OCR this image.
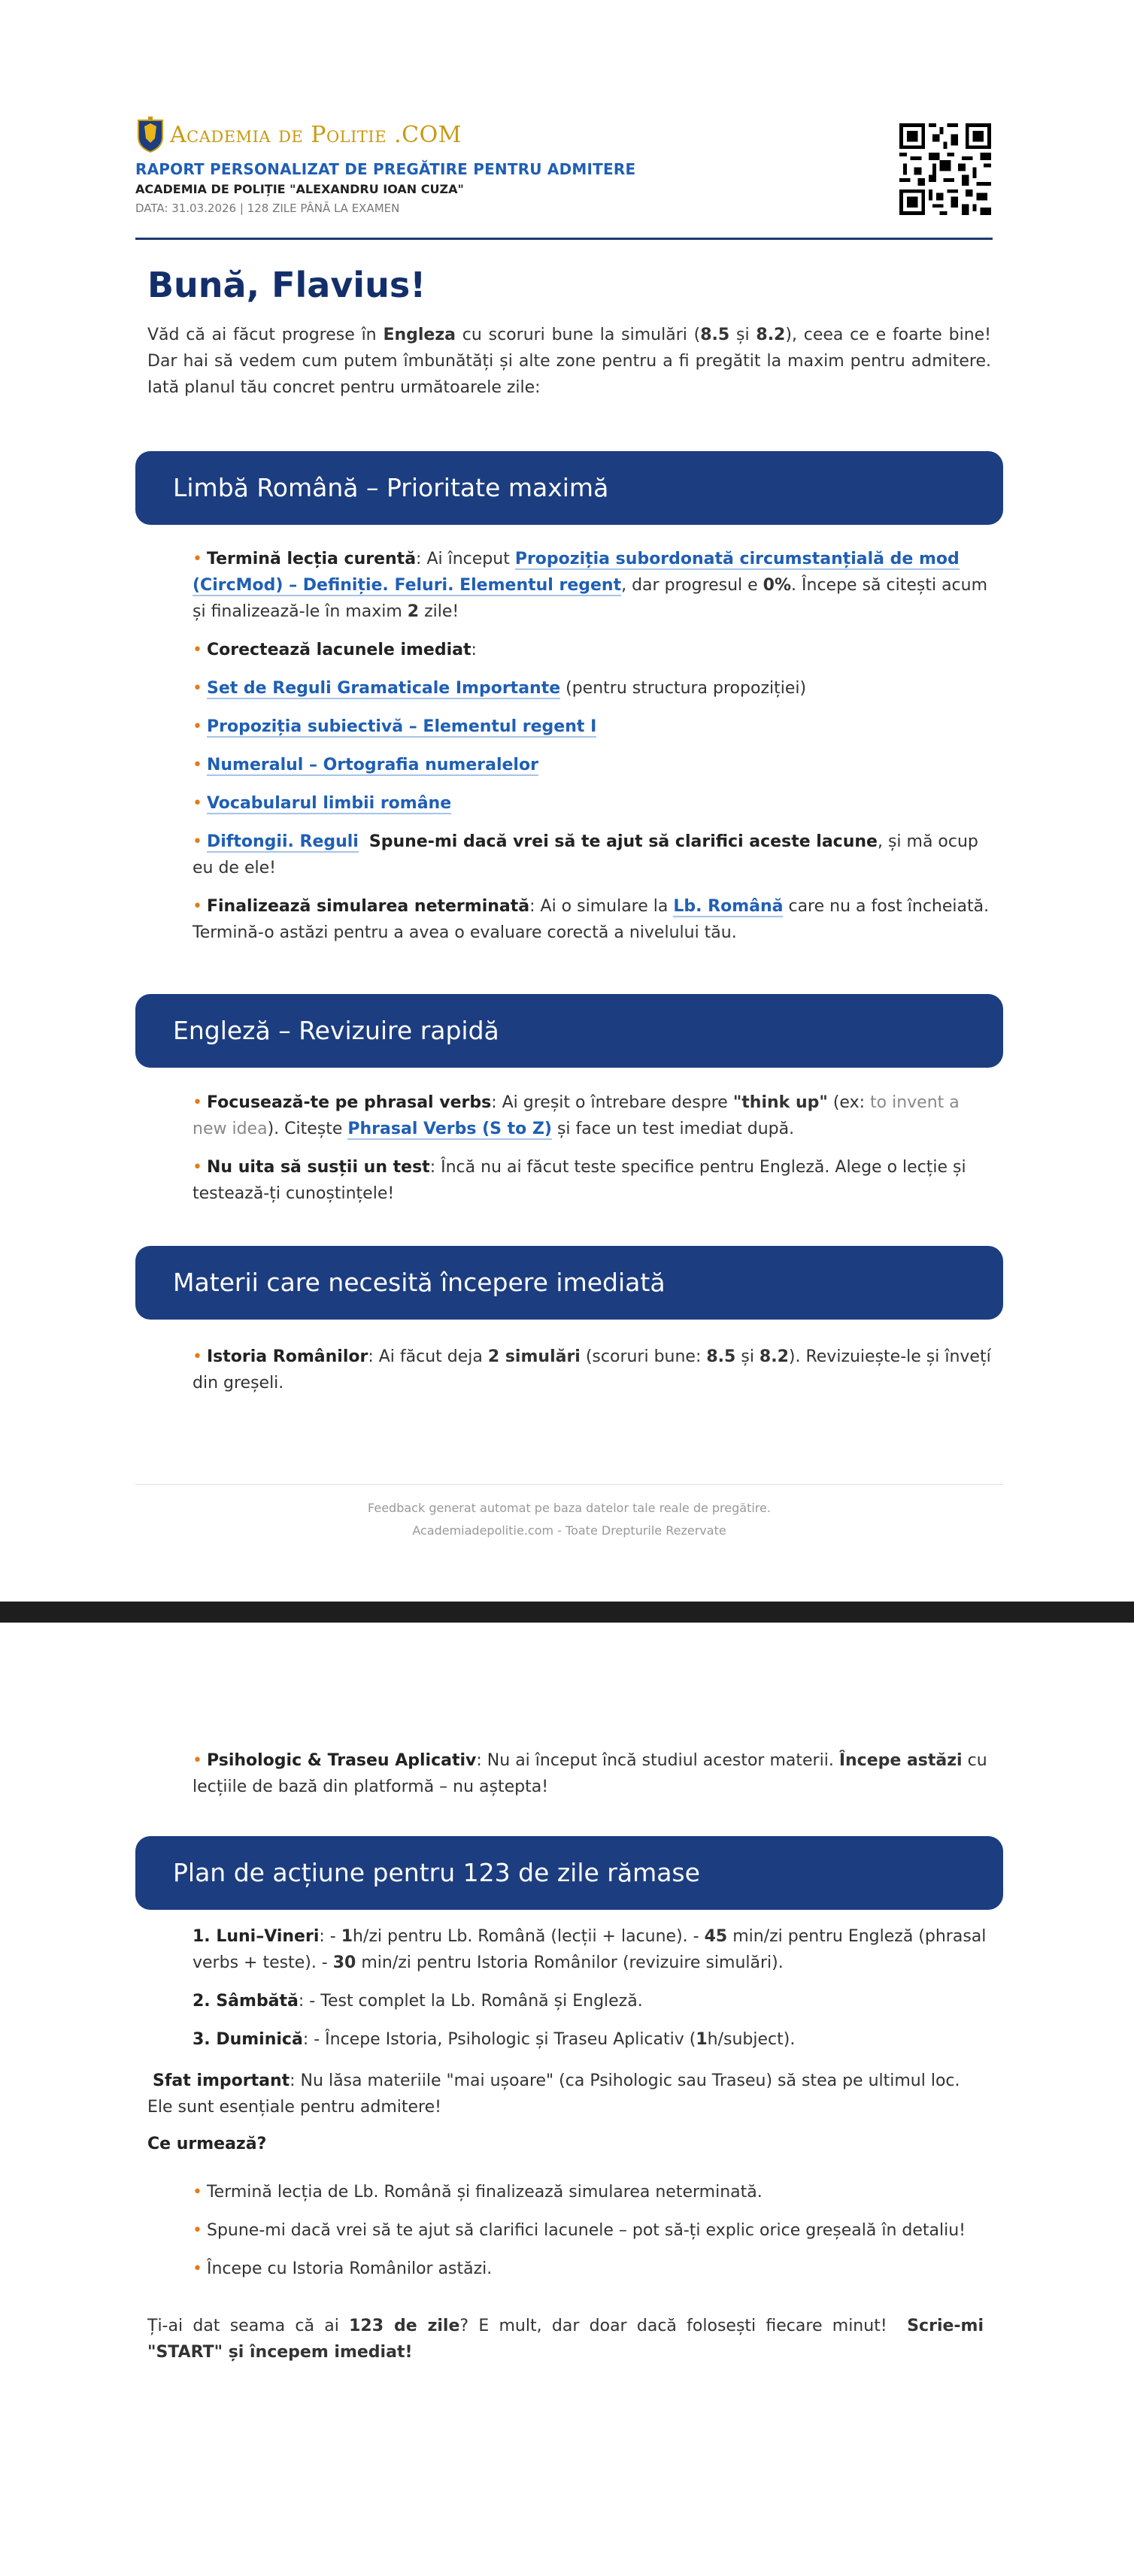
Academia de Politie .COM
RAPORT PERSONALIZAT DE PREGĂTIRE PENTRU ADMITERE
ACADEMIA DE POLIȚIE "ALEXANDRU IOAN CUZA"
DATA: 31.03.2026 | 128 ZILE PÂNĂ LA EXAMEN
Bună, Flavius!

Văd că ai făcut progrese în Engleza cu scoruri bune la simulări (8.5 și 8.2), ceea ce e foarte bine! Dar hai să vedem cum putem îmbunătăți și alte zone pentru a fi pregătit la maxim pentru admitere. Iată planul tău concret pentru următoarele zile:

Limbă Română – Prioritate maximă
• Termină lecția curentă: Ai început Propoziția subordonată circumstanțială de mod (CircMod) – Definiție. Feluri. Elementul regent, dar progresul e 0%. Începe să citești acum și finalizează-le în maxim 2 zile!
• Corectează lacunele imediat:
• Set de Reguli Gramaticale Importante (pentru structura propoziției)
• Propoziția subiectivă – Elementul regent I
• Numeralul – Ortografia numeralelor
• Vocabularul limbii române
• Diftongii. Reguli Spune-mi dacă vrei să te ajut să clarifici aceste lacune, și mă ocup eu de ele!
• Finalizează simularea neterminată: Ai o simulare la Lb. Română care nu a fost încheiată. Termină-o astăzi pentru a avea o evaluare corectă a nivelului tău.
Engleză – Revizuire rapidă
• Focusează-te pe phrasal verbs: Ai greșit o întrebare despre "think up" (ex: to invent a new idea). Citește Phrasal Verbs (S to Z) și face un test imediat după.
• Nu uita să susții un test: Încă nu ai făcut teste specifice pentru Engleză. Alege o lecție și testează-ți cunoștințele!
Materii care necesită începere imediată
• Istoria Românilor: Ai făcut deja 2 simulări (scoruri bune: 8.5 și 8.2). Revizuiește-le și învețí din greșeli.
Feedback generat automat pe baza datelor tale reale de pregătire.
Academiadepolitie.com - Toate Drepturile Rezervate
• Psihologic & Traseu Aplicativ: Nu ai început încă studiul acestor materii. Începe astăzi cu lecțiile de bază din platformă – nu aștepta!
Plan de acțiune pentru 123 de zile rămase
1. Luni–Vineri: - 1h/zi pentru Lb. Română (lecții + lacune). - 45 min/zi pentru Engleză (phrasal verbs + teste). - 30 min/zi pentru Istoria Românilor (revizuire simulări).
2. Sâmbătă: - Test complet la Lb. Română și Engleză.
3. Duminică: - Începe Istoria, Psihologic și Traseu Aplicativ (1h/subject).

Sfat important: Nu lăsa materiile "mai ușoare" (ca Psihologic sau Traseu) să stea pe ultimul loc. Ele sunt esențiale pentru admitere!

Ce urmează?
• Termină lecția de Lb. Română și finalizează simularea neterminată.
• Spune-mi dacă vrei să te ajut să clarifici lacunele – pot să-ți explic orice greșeală în detaliu!
• Începe cu Istoria Românilor astăzi.

Ți-ai dat seama că ai 123 de zile? E mult, dar doar dacă folosești fiecare minut!  Scrie-mi "START" și începem imediat!
